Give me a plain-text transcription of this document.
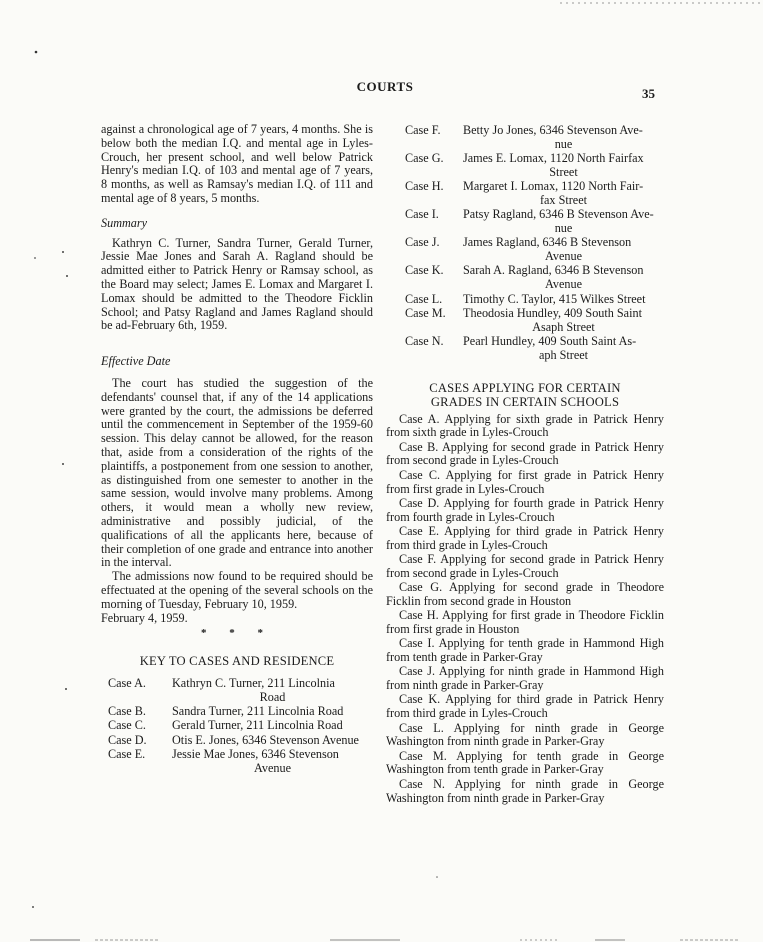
COURTS	35

against a chronological age of 7 years, 4 months. She is below both the median I.Q. and mental age in Lyles-Crouch, her present school, and well below Patrick Henry's median I.Q. of 103 and mental age of 7 years, 8 months, as well as Ramsay's median I.Q. of 111 and mental age of 8 years, 5 months.

Summary

Kathryn C. Turner, Sandra Turner, Gerald Turner, Jessie Mae Jones and Sarah A. Ragland should be admitted either to Patrick Henry or Ramsay school, as the Board may select; James E. Lomax and Margaret I. Lomax should be admitted to the Theodore Ficklin School; and Patsy Ragland and James Ragland should be ad-February 6th, 1959.

Effective Date

The court has studied the suggestion of the defendants' counsel that, if any of the 14 applications were granted by the court, the admissions be deferred until the commencement in September of the 1959-60 session. This delay cannot be allowed, for the reason that, aside from a consideration of the rights of the plaintiffs, a postponement from one session to another, as distinguished from one semester to another in the same session, would involve many problems. Among others, it would mean a wholly new review, administrative and possibly judicial, of the qualifications of all the applicants here, because of their completion of one grade and entrance into another in the interval.

The admissions now found to be required should be effectuated at the opening of the several schools on the morning of Tuesday, February 10, 1959.

February 4, 1959.

* * *

KEY TO CASES AND RESIDENCE

Case A.	Kathryn C. Turner, 211 Lincolnia
Road
Case B.	Sandra Turner, 211 Lincolnia Road
Case C.	Gerald Turner, 211 Lincolnia Road
Case D.	Otis E. Jones, 6346 Stevenson Avenue
Case E.	Jessie Mae Jones, 6346 Stevenson
Avenue
Case F.	Betty Jo Jones, 6346 Stevenson Ave-
nue
Case G.	James E. Lomax, 1120 North Fairfax
Street
Case H.	Margaret I. Lomax, 1120 North Fair-
fax Street
Case I.	Patsy Ragland, 6346 B Stevenson Ave-
nue
Case J.	James Ragland, 6346 B Stevenson
Avenue
Case K.	Sarah A. Ragland, 6346 B Stevenson
Avenue
Case L.	Timothy C. Taylor, 415 Wilkes Street
Case M.	Theodosia Hundley, 409 South Saint
Asaph Street
Case N.	Pearl Hundley, 409 South Saint As-
aph Street

CASES APPLYING FOR CERTAIN
GRADES IN CERTAIN SCHOOLS

Case A. Applying for sixth grade in Patrick Henry from sixth grade in Lyles-Crouch

Case B. Applying for second grade in Patrick Henry from second grade in Lyles-Crouch

Case C. Applying for first grade in Patrick Henry from first grade in Lyles-Crouch

Case D. Applying for fourth grade in Patrick Henry from fourth grade in Lyles-Crouch

Case E. Applying for third grade in Patrick Henry from third grade in Lyles-Crouch

Case F. Applying for second grade in Patrick Henry from second grade in Lyles-Crouch

Case G. Applying for second grade in Theodore Ficklin from second grade in Houston

Case H. Applying for first grade in Theodore Ficklin from first grade in Houston

Case I. Applying for tenth grade in Hammond High from tenth grade in Parker-Gray

Case J. Applying for ninth grade in Hammond High from ninth grade in Parker-Gray

Case K. Applying for third grade in Patrick Henry from third grade in Lyles-Crouch

Case L. Applying for ninth grade in George Washington from ninth grade in Parker-Gray

Case M. Applying for tenth grade in George Washington from tenth grade in Parker-Gray

Case N. Applying for ninth grade in George Washington from ninth grade in Parker-Gray
